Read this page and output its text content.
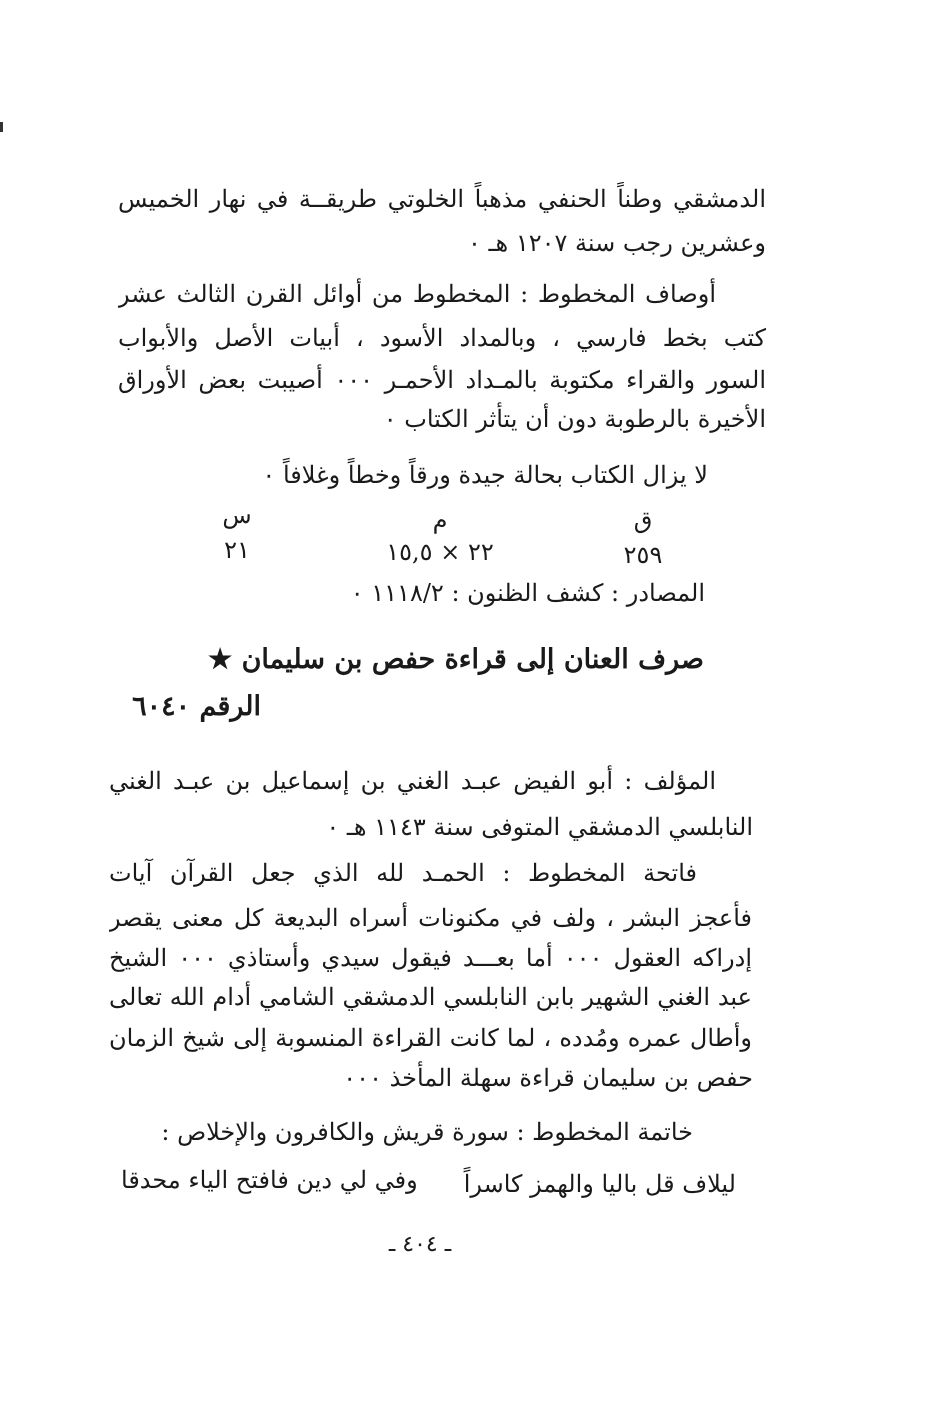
الدمشقي وطناً الحنفي مذهباً الخلوتي طريقــة في نهار الخميس
وعشرين رجب سنة ١٢٠٧ هـ ٠
أوصاف المخطوط : المخطوط من أوائل القرن الثالث عشر
كتب بخط فارسي ، وبالمداد الأسود ، أبيات الأصل والأبواب
السور والقراء مكتوبة بالمـداد الأحمـر ٠٠٠ أصيبت بعض الأوراق
الأخيرة بالرطوبة دون أن يتأثر الكتاب ٠
لا يزال الكتاب بحالة جيدة ورقاً وخطاً وغلافاً ٠
ق
م
س
٢٥٩
٢٢ × ١٥,٥
٢١
المصادر : كشف الظنون : ١١١٨/٢ ٠
صرف العنان إلى قراءة حفص بن سليمان ★
الرقم ٦٠٤٠
المؤلف : أبو الفيض عبـد الغني بن إسماعيل بن عبـد الغني
النابلسي الدمشقي المتوفى سنة ١١٤٣ هـ ٠
فاتحة المخطوط : الحمـد لله الذي جعل القرآن آيات
فأعجز البشر ، ولف في مكنونات أسراه البديعة كل معنى يقصر
إدراكه العقول ٠٠٠ أما بعـــد فيقول سيدي وأستاذي ٠٠٠ الشيخ
عبد الغني الشهير بابن النابلسي الدمشقي الشامي أدام الله تعالى
وأطال عمره ومُدده ، لما كانت القراءة المنسوبة إلى شيخ الزمان
حفص بن سليمان قراءة سهلة المأخذ ٠٠٠
خاتمة المخطوط : سورة قريش والكافرون والإخلاص :
ليلاف قل باليا والهمز كاسراً
وفي لي دين فافتح الياء محدقا
ـ ٤٠٤ ـ
